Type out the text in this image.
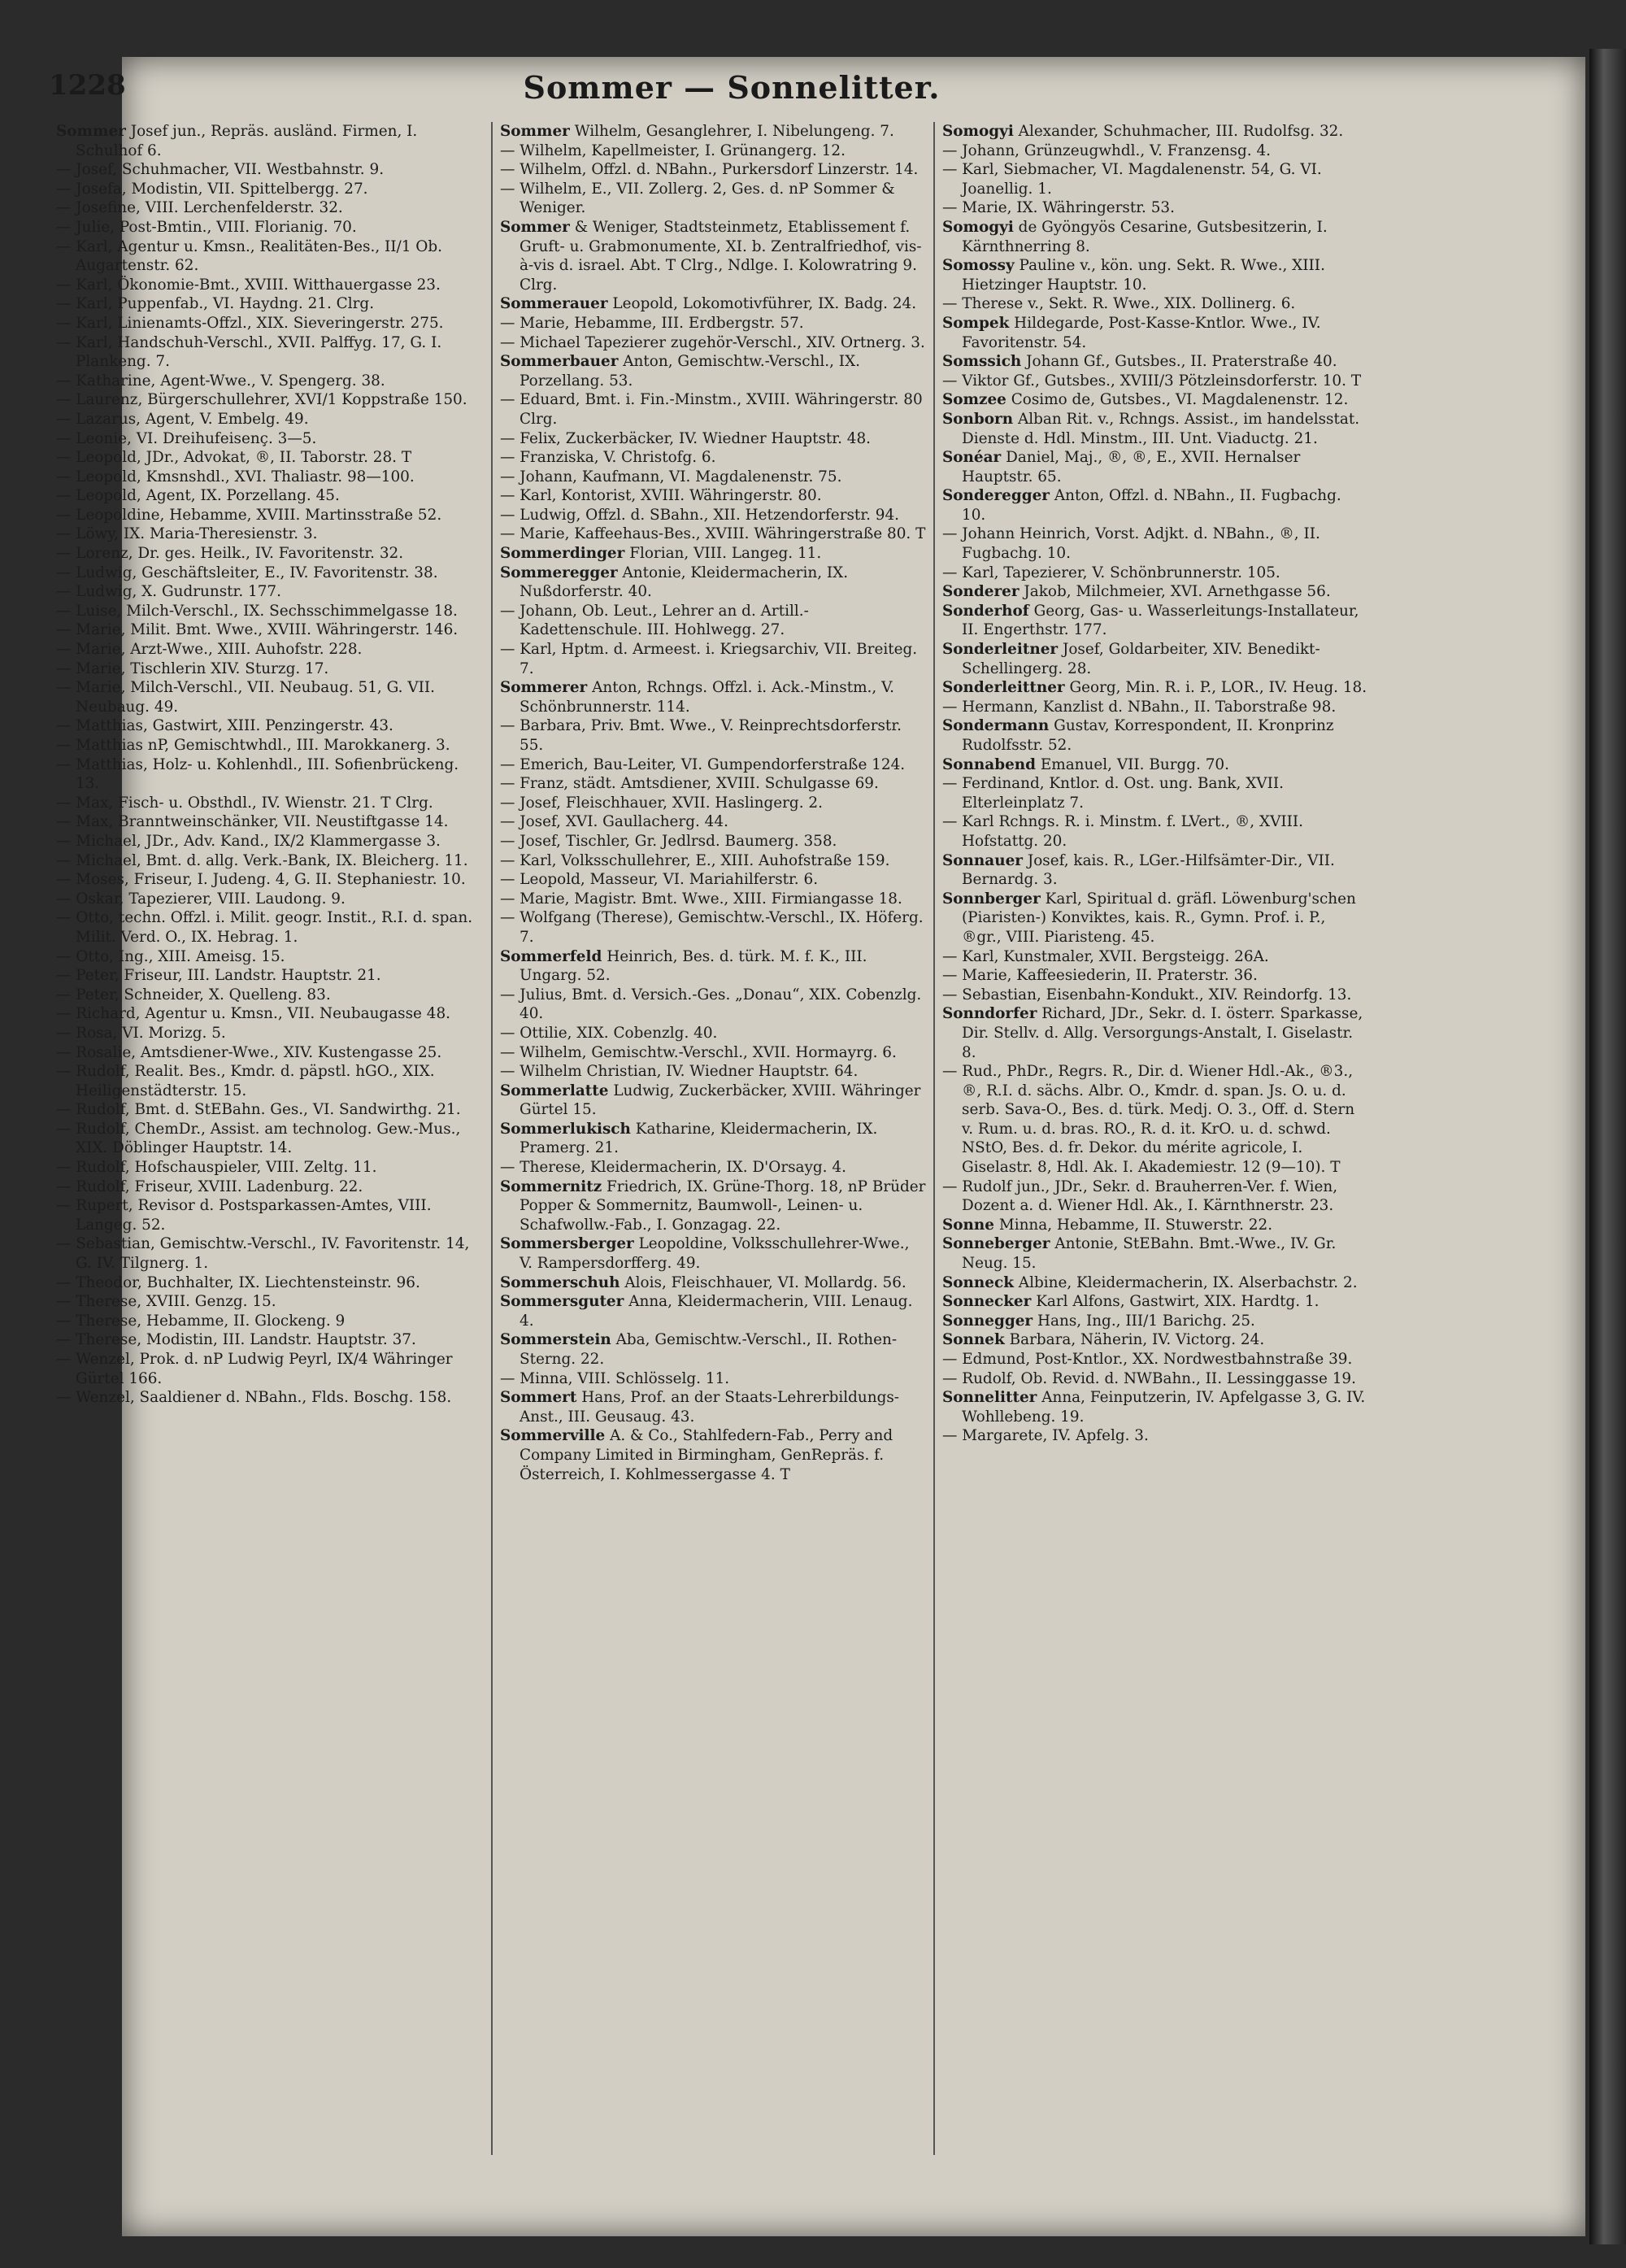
1228	Sommer — Sonnelitter.

Sommer Josef jun., Repräs. ausländ. Firmen, I. Schulhof 6.

— Josef, Schuhmacher, VII. Westbahnstr. 9.

— Josefa, Modistin, VII. Spittelbergg. 27.

— Josefine, VIII. Lerchenfelderstr. 32.

— Julie, Post-Bmtin., VIII. Florianig. 70.

— Karl, Agentur u. Kmsn., Realitäten-Bes., II/1 Ob. Augartenstr. 62.

— Karl, Ökonomie-Bmt., XVIII. Witthauergasse 23.

— Karl, Puppenfab., VI. Haydng. 21. Clrg.

— Karl, Linienamts-Offzl., XIX. Sieveringerstr. 275.

— Karl, Handschuh-Verschl., XVII. Palffyg. 17, G. I. Plankeng. 7.

— Katharine, Agent-Wwe., V. Spengerg. 38.

— Laurenz, Bürgerschullehrer, XVI/1 Koppstraße 150.

— Lazarus, Agent, V. Embelg. 49.

— Leonie, VI. Dreihufeisenç. 3—5.

— Leopold, JDr., Advokat, ®, II. Taborstr. 28. T

— Leopold, Kmsnshdl., XVI. Thaliastr. 98—100.

— Leopold, Agent, IX. Porzellang. 45.

— Leopoldine, Hebamme, XVIII. Martinsstraße 52.

— Löwy, IX. Maria-Theresienstr. 3.

— Lorenz, Dr. ges. Heilk., IV. Favoritenstr. 32.

— Ludwig, Geschäftsleiter, E., IV. Favoritenstr. 38.

— Ludwig, X. Gudrunstr. 177.

— Luise, Milch-Verschl., IX. Sechsschimmelgasse 18.

— Marie, Milit. Bmt. Wwe., XVIII. Währingerstr. 146.

— Marie, Arzt-Wwe., XIII. Auhofstr. 228.

— Marie, Tischlerin XIV. Sturzg. 17.

— Marie, Milch-Verschl., VII. Neubaug. 51, G. VII. Neubaug. 49.

— Matthias, Gastwirt, XIII. Penzingerstr. 43.

— Matthias nP, Gemischtwhdl., III. Marokkanerg. 3.

— Matthias, Holz- u. Kohlenhdl., III. Sofienbrückeng. 13.

— Max, Fisch- u. Obsthdl., IV. Wienstr. 21. T Clrg.

— Max, Branntweinschänker, VII. Neustiftgasse 14.

— Michael, JDr., Adv. Kand., IX/2 Klammergasse 3.

— Michael, Bmt. d. allg. Verk.-Bank, IX. Bleicherg. 11.

— Moses, Friseur, I. Judeng. 4, G. II. Stephaniestr. 10.

— Oskar, Tapezierer, VIII. Laudong. 9.

— Otto, techn. Offzl. i. Milit. geogr. Instit., R.I. d. span. Milit. Verd. O., IX. Hebrag. 1.

— Otto, Ing., XIII. Ameisg. 15.

— Peter, Friseur, III. Landstr. Hauptstr. 21.

— Peter, Schneider, X. Quelleng. 83.

— Richard, Agentur u. Kmsn., VII. Neubaugasse 48.

— Rosa, VI. Morizg. 5.

— Rosalie, Amtsdiener-Wwe., XIV. Kustengasse 25.

— Rudolf, Realit. Bes., Kmdr. d. päpstl. hGO., XIX. Heiligenstädterstr. 15.

— Rudolf, Bmt. d. StEBahn. Ges., VI. Sandwirthg. 21.

— Rudolf, ChemDr., Assist. am technolog. Gew.-Mus., XIX. Döblinger Hauptstr. 14.

— Rudolf, Hofschauspieler, VIII. Zeltg. 11.

— Rudolf, Friseur, XVIII. Ladenburg. 22.

— Rupert, Revisor d. Postsparkassen-Amtes, VIII. Langeg. 52.

— Sebastian, Gemischtw.-Verschl., IV. Favoritenstr. 14, G. IV. Tilgnerg. 1.

— Theodor, Buchhalter, IX. Liechtensteinstr. 96.

— Therese, XVIII. Genzg. 15.

— Therese, Hebamme, II. Glockeng. 9

— Therese, Modistin, III. Landstr. Hauptstr. 37.

— Wenzel, Prok. d. nP Ludwig Peyrl, IX/4 Währinger Gürtel 166.

— Wenzel, Saaldiener d. NBahn., Flds. Boschg. 158.

Sommer Wilhelm, Gesanglehrer, I. Nibelungeng. 7.

— Wilhelm, Kapellmeister, I. Grünangerg. 12.

— Wilhelm, Offzl. d. NBahn., Purkersdorf Linzerstr. 14.

— Wilhelm, E., VII. Zollerg. 2, Ges. d. nP Sommer & Weniger.

Sommer & Weniger, Stadtsteinmetz, Etablissement f. Gruft- u. Grabmonumente, XI. b. Zentralfriedhof, vis-à-vis d. israel. Abt. T Clrg., Ndlge. I. Kolowratring 9. Clrg.

Sommerauer Leopold, Lokomotivführer, IX. Badg. 24.

— Marie, Hebamme, III. Erdbergstr. 57.

— Michael Tapezierer zugehör-Verschl., XIV. Ortnerg. 3.

Sommerbauer Anton, Gemischtw.-Verschl., IX. Porzellang. 53.

— Eduard, Bmt. i. Fin.-Minstm., XVIII. Währingerstr. 80 Clrg.

— Felix, Zuckerbäcker, IV. Wiedner Hauptstr. 48.

— Franziska, V. Christofg. 6.

— Johann, Kaufmann, VI. Magdalenenstr. 75.

— Karl, Kontorist, XVIII. Währingerstr. 80.

— Ludwig, Offzl. d. SBahn., XII. Hetzendorferstr. 94.

— Marie, Kaffeehaus-Bes., XVIII. Währingerstraße 80. T

Sommerdinger Florian, VIII. Langeg. 11.

Sommeregger Antonie, Kleidermacherin, IX. Nußdorferstr. 40.

— Johann, Ob. Leut., Lehrer an d. Artill.-Kadettenschule. III. Hohlwegg. 27.

— Karl, Hptm. d. Armeest. i. Kriegsarchiv, VII. Breiteg. 7.

Sommerer Anton, Rchngs. Offzl. i. Ack.-Minstm., V. Schönbrunnerstr. 114.

— Barbara, Priv. Bmt. Wwe., V. Reinprechtsdorferstr. 55.

— Emerich, Bau-Leiter, VI. Gumpendorferstraße 124.

— Franz, städt. Amtsdiener, XVIII. Schulgasse 69.

— Josef, Fleischhauer, XVII. Haslingerg. 2.

— Josef, XVI. Gaullacherg. 44.

— Josef, Tischler, Gr. Jedlrsd. Baumerg. 358.

— Karl, Volksschullehrer, E., XIII. Auhofstraße 159.

— Leopold, Masseur, VI. Mariahilferstr. 6.

— Marie, Magistr. Bmt. Wwe., XIII. Firmiangasse 18.

— Wolfgang (Therese), Gemischtw.-Verschl., IX. Höferg. 7.

Sommerfeld Heinrich, Bes. d. türk. M. f. K., III. Ungarg. 52.

— Julius, Bmt. d. Versich.-Ges. „Donau“, XIX. Cobenzlg. 40.

— Ottilie, XIX. Cobenzlg. 40.

— Wilhelm, Gemischtw.-Verschl., XVII. Hormayrg. 6.

— Wilhelm Christian, IV. Wiedner Hauptstr. 64.

Sommerlatte Ludwig, Zuckerbäcker, XVIII. Währinger Gürtel 15.

Sommerlukisch Katharine, Kleidermacherin, IX. Pramerg. 21.

— Therese, Kleidermacherin, IX. D'Orsayg. 4.

Sommernitz Friedrich, IX. Grüne-Thorg. 18, nP Brüder Popper & Sommernitz, Baumwoll-, Leinen- u. Schafwollw.-Fab., I. Gonzagag. 22.

Sommersberger Leopoldine, Volksschullehrer-Wwe., V. Rampersdorfferg. 49.

Sommerschuh Alois, Fleischhauer, VI. Mollardg. 56.

Sommersguter Anna, Kleidermacherin, VIII. Lenaug. 4.

Sommerstein Aba, Gemischtw.-Verschl., II. Rothen-Sterng. 22.

— Minna, VIII. Schlösselg. 11.

Sommert Hans, Prof. an der Staats-Lehrerbildungs-Anst., III. Geusaug. 43.

Sommerville A. & Co., Stahlfedern-Fab., Perry and Company Limited in Birmingham, GenRepräs. f. Österreich, I. Kohlmessergasse 4. T

Somogyi Alexander, Schuhmacher, III. Rudolfsg. 32.

— Johann, Grünzeugwhdl., V. Franzensg. 4.

— Karl, Siebmacher, VI. Magdalenenstr. 54, G. VI. Joanellig. 1.

— Marie, IX. Währingerstr. 53.

Somogyi de Gyöngyös Cesarine, Gutsbesitzerin, I. Kärnthnerring 8.

Somossy Pauline v., kön. ung. Sekt. R. Wwe., XIII. Hietzinger Hauptstr. 10.

— Therese v., Sekt. R. Wwe., XIX. Dollinerg. 6.

Sompek Hildegarde, Post-Kasse-Kntlor. Wwe., IV. Favoritenstr. 54.

Somssich Johann Gf., Gutsbes., II. Praterstraße 40.

— Viktor Gf., Gutsbes., XVIII/3 Pötzleinsdorferstr. 10. T

Somzee Cosimo de, Gutsbes., VI. Magdalenenstr. 12.

Sonborn Alban Rit. v., Rchngs. Assist., im handelsstat. Dienste d. Hdl. Minstm., III. Unt. Viaductg. 21.

Sonéar Daniel, Maj., ®, ®, E., XVII. Hernalser Hauptstr. 65.

Sonderegger Anton, Offzl. d. NBahn., II. Fugbachg. 10.

— Johann Heinrich, Vorst. Adjkt. d. NBahn., ®, II. Fugbachg. 10.

— Karl, Tapezierer, V. Schönbrunnerstr. 105.

Sonderer Jakob, Milchmeier, XVI. Arnethgasse 56.

Sonderhof Georg, Gas- u. Wasserleitungs-Installateur, II. Engerthstr. 177.

Sonderleitner Josef, Goldarbeiter, XIV. Benedikt-Schellingerg. 28.

Sonderleittner Georg, Min. R. i. P., LOR., IV. Heug. 18.

— Hermann, Kanzlist d. NBahn., II. Taborstraße 98.

Sondermann Gustav, Korrespondent, II. Kronprinz Rudolfsstr. 52.

Sonnabend Emanuel, VII. Burgg. 70.

— Ferdinand, Kntlor. d. Ost. ung. Bank, XVII. Elterleinplatz 7.

— Karl Rchngs. R. i. Minstm. f. LVert., ®, XVIII. Hofstattg. 20.

Sonnauer Josef, kais. R., LGer.-Hilfsämter-Dir., VII. Bernardg. 3.

Sonnberger Karl, Spiritual d. gräfl. Löwenburg'schen (Piaristen-) Konviktes, kais. R., Gymn. Prof. i. P., ®gr., VIII. Piaristeng. 45.

— Karl, Kunstmaler, XVII. Bergsteigg. 26A.

— Marie, Kaffeesiederin, II. Praterstr. 36.

— Sebastian, Eisenbahn-Kondukt., XIV. Reindorfg. 13.

Sonndorfer Richard, JDr., Sekr. d. I. österr. Sparkasse, Dir. Stellv. d. Allg. Versorgungs-Anstalt, I. Giselastr. 8.

— Rud., PhDr., Regrs. R., Dir. d. Wiener Hdl.-Ak., ®3., ®, R.I. d. sächs. Albr. O., Kmdr. d. span. Js. O. u. d. serb. Sava-O., Bes. d. türk. Medj. O. 3., Off. d. Stern v. Rum. u. d. bras. RO., R. d. it. KrO. u. d. schwd. NStO, Bes. d. fr. Dekor. du mérite agricole, I. Giselastr. 8, Hdl. Ak. I. Akademiestr. 12 (9—10). T

— Rudolf jun., JDr., Sekr. d. Brauherren-Ver. f. Wien, Dozent a. d. Wiener Hdl. Ak., I. Kärnthnerstr. 23.

Sonne Minna, Hebamme, II. Stuwerstr. 22.

Sonneberger Antonie, StEBahn. Bmt.-Wwe., IV. Gr. Neug. 15.

Sonneck Albine, Kleidermacherin, IX. Alserbachstr. 2.

Sonnecker Karl Alfons, Gastwirt, XIX. Hardtg. 1.

Sonnegger Hans, Ing., III/1 Barichg. 25.

Sonnek Barbara, Näherin, IV. Victorg. 24.

— Edmund, Post-Kntlor., XX. Nordwestbahnstraße 39.

— Rudolf, Ob. Revid. d. NWBahn., II. Lessinggasse 19.

Sonnelitter Anna, Feinputzerin, IV. Apfelgasse 3, G. IV. Wohllebeng. 19.

— Margarete, IV. Apfelg. 3.
